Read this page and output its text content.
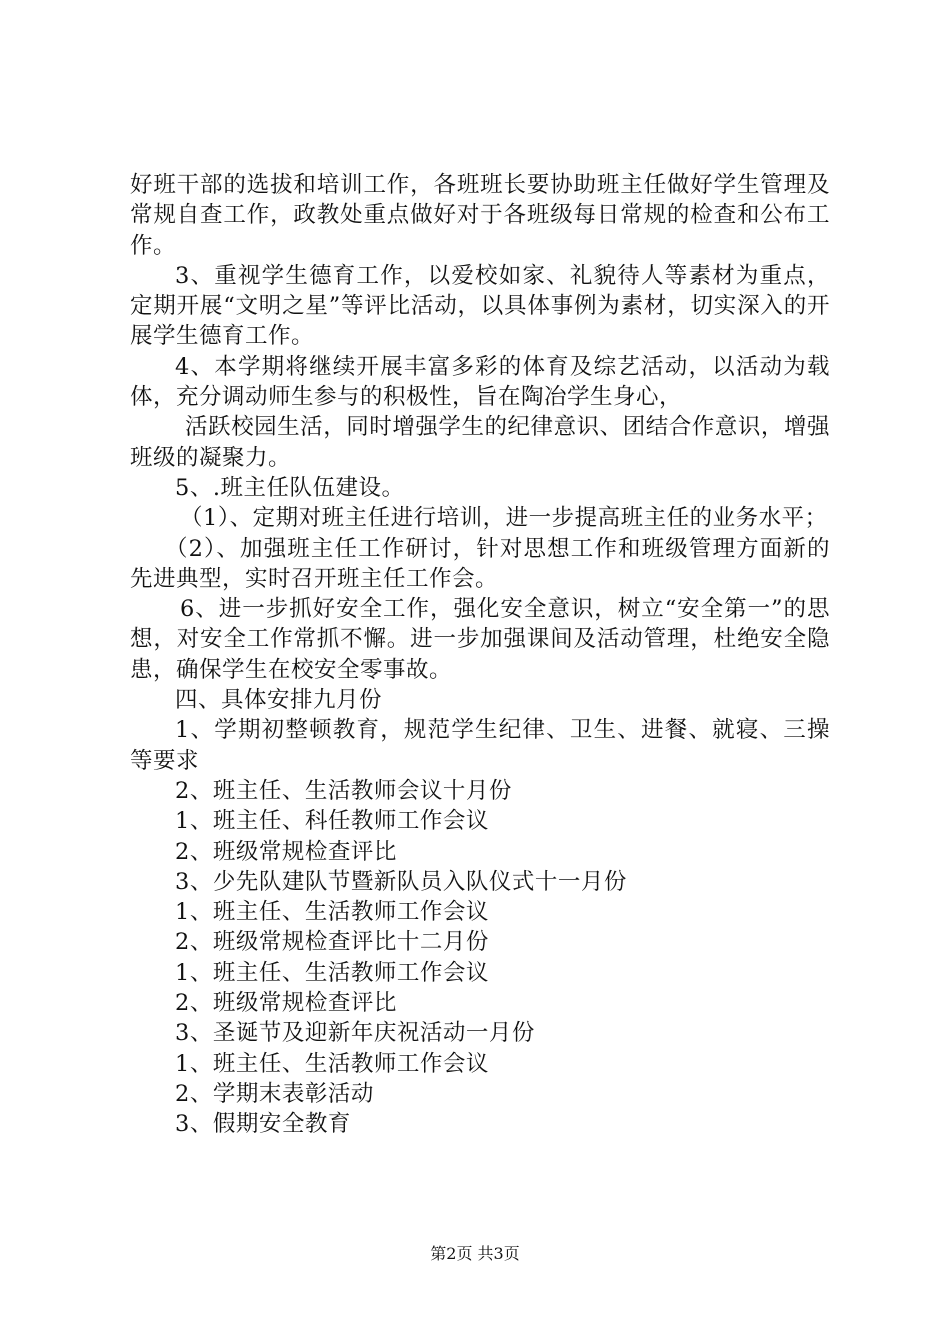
好班干部的选拔和培训工作，各班班长要协助班主任做好学生管理及常规自查工作，政教处重点做好对于各班级每日常规的检查和公布工作。

3、重视学生德育工作，以爱校如家、礼貌待人等素材为重点，定期开展“文明之星”等评比活动，以具体事例为素材，切实深入的开展学生德育工作。

4、本学期将继续开展丰富多彩的体育及综艺活动，以活动为载体，充分调动师生参与的积极性，旨在陶冶学生身心，

活跃校园生活，同时增强学生的纪律意识、团结合作意识，增强班级的凝聚力。

5、.班主任队伍建设。

（1）、定期对班主任进行培训，进一步提高班主任的业务水平；

（2）、加强班主任工作研讨，针对思想工作和班级管理方面新的先进典型，实时召开班主任工作会。

6、进一步抓好安全工作，强化安全意识，树立“安全第一”的思想，对安全工作常抓不懈。进一步加强课间及活动管理，杜绝安全隐患，确保学生在校安全零事故。

四、具体安排九月份

1、学期初整顿教育，规范学生纪律、卫生、进餐、就寝、三操等要求

2、班主任、生活教师会议十月份

1、班主任、科任教师工作会议

2、班级常规检查评比

3、少先队建队节暨新队员入队仪式十一月份

1、班主任、生活教师工作会议

2、班级常规检查评比十二月份

1、班主任、生活教师工作会议

2、班级常规检查评比

3、圣诞节及迎新年庆祝活动一月份

1、班主任、生活教师工作会议

2、学期末表彰活动

3、假期安全教育

第2页 共3页
